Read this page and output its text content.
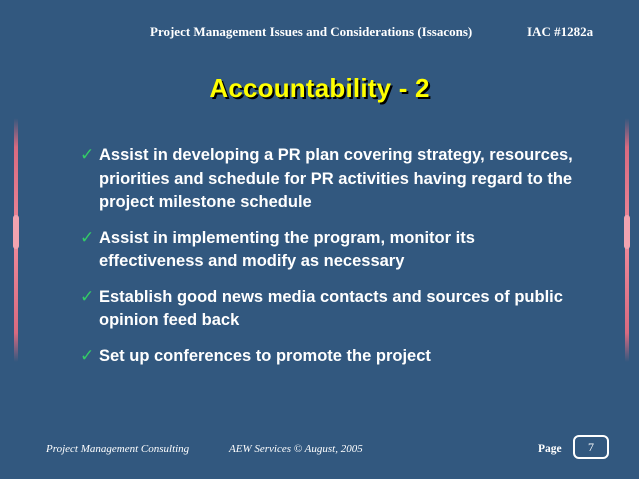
Project Management Issues and Considerations (Issacons)	IAC #1282a
Accountability - 2
✓ Assist in developing a PR plan covering strategy, resources, priorities and schedule for PR activities having regard to the project milestone schedule
✓ Assist in implementing the program, monitor its effectiveness and modify as necessary
✓ Establish good news media contacts and sources of public opinion feed back
✓ Set up conferences to promote the project
Project Management Consulting	AEW Services © August, 2005	Page 7
